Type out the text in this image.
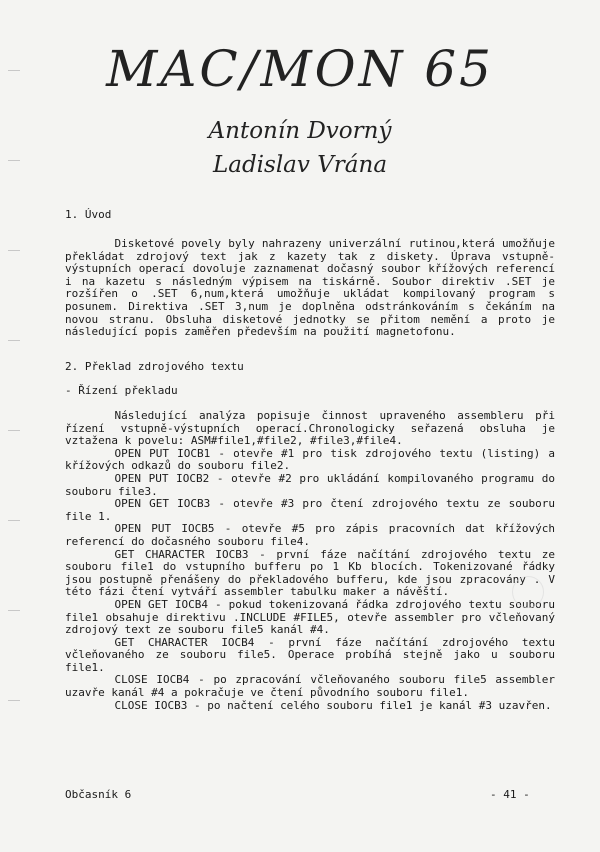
MAC/MON 65
Antonín Dvorný
Ladislav Vrána
1. Úvod

Disketové povely byly nahrazeny univerzální rutinou,která umožňuje překládat zdrojový text jak z kazety tak z diskety. Úprava vstupně-výstupních operací dovoluje zaznamenat dočasný soubor křížových referencí i na kazetu s následným výpisem na tiskárně. Soubor direktiv .SET je rozšířen o .SET 6,num,která umožňuje ukládat kompilovaný program s posunem. Direktiva .SET 3,num je doplněna odstránkováním s čekáním na novou stranu. Obsluha disketové jednotky se přitom nemění a proto je následující popis zaměřen především na použití magnetofonu.

2. Překlad zdrojového textu
- Řízení překladu

Následující analýza popisuje činnost upraveného assembleru při řízení vstupně-výstupních operací.Chronologicky seřazená obsluha je vztažena k povelu: ASM#file1,#file2, #file3,#file4.

OPEN PUT IOCB1 - otevře #1 pro tisk zdrojového textu (listing) a křížových odkazů do souboru file2.

OPEN PUT IOCB2 - otevře #2 pro ukládání kompilovaného programu do souboru file3.

OPEN GET IOCB3 - otevře #3 pro čtení zdrojového textu ze souboru file 1.

OPEN PUT IOCB5 - otevře #5 pro zápis pracovních dat křížových referencí do dočasného souboru file4.

GET CHARACTER IOCB3 - první fáze načítání zdrojového textu ze souboru file1 do vstupního bufferu po 1 Kb blocích. Tokenizované řádky jsou postupně přenášeny do překladového bufferu, kde jsou zpracovány . V této fázi čtení vytváří assembler tabulku maker a návěští.

OPEN GET IOCB4 - pokud tokenizovaná řádka zdrojového textu souboru file1 obsahuje direktivu .INCLUDE #FILE5, otevře assembler pro včleňovaný zdrojový text ze souboru file5 kanál #4.

GET CHARACTER IOCB4 - první fáze načítání zdrojového textu včleňovaného ze souboru file5. Operace probíhá stejně jako u souboru file1.

CLOSE IOCB4 - po zpracování včleňovaného souboru file5 assembler uzavře kanál #4 a pokračuje ve čtení původního souboru file1.

CLOSE IOCB3 - po načtení celého souboru file1 je kanál #3 uzavřen.

Občasník 6	- 41 -
